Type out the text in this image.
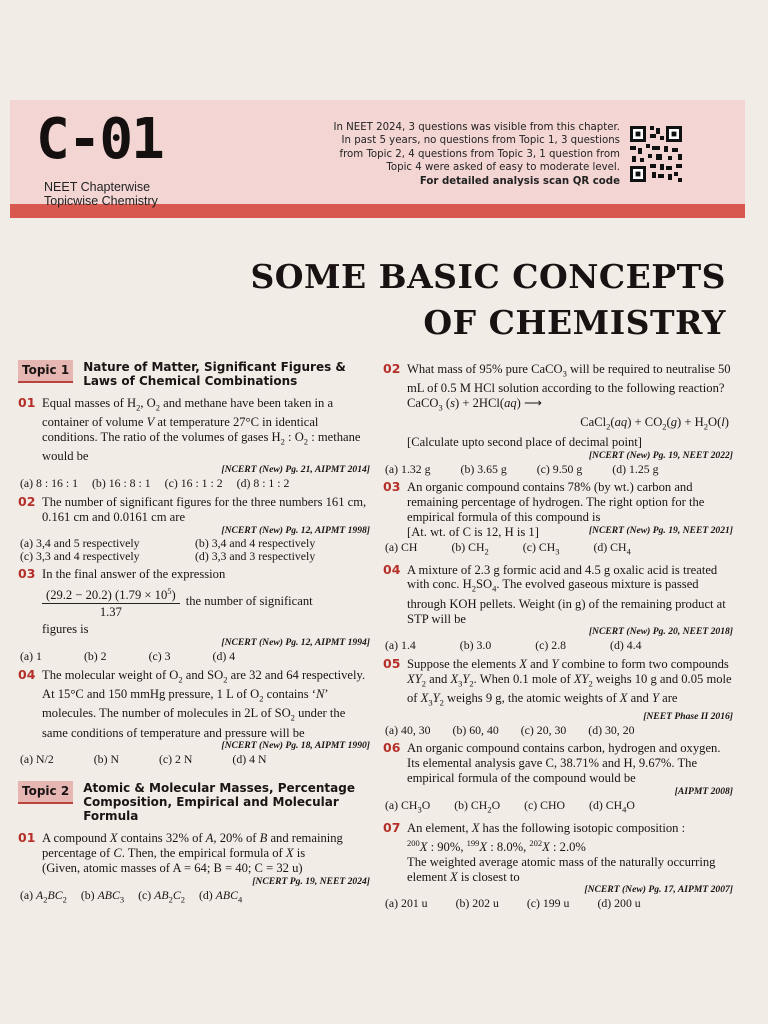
C-01
NEET Chapterwise
Topicwise Chemistry
In NEET 2024, 3 questions was visible from this chapter. In past 5 years, no questions from Topic 1, 3 questions from Topic 2, 4 questions from Topic 3, 1 question from Topic 4 were asked of easy to moderate level.
For detailed analysis scan QR code
SOME BASIC CONCEPTS
OF CHEMISTRY
Topic 1	Nature of Matter, Significant Figures & Laws of Chemical Combinations
01 Equal masses of $H_2$, $O_2$ and methane have been taken in a container of volume V at temperature 27°C in identical conditions. The ratio of the volumes of gases $H_2$ : $O_2$ : methane would be
[NCERT (New) Pg. 21, AIPMT 2014]
(a) 8 : 16 : 1 (b) 16 : 8 : 1 (c) 16 : 1 : 2 (d) 8 : 1 : 2
02 The number of significant figures for the three numbers 161 cm, 0.161 cm and 0.0161 cm are
[NCERT (New) Pg. 12, AIPMT 1998]
(a) 3,4 and 5 respectively	(b) 3,4 and 4 respectively
(c) 3,3 and 4 respectively	(d) 3,3 and 3 respectively
03 In the final answer of the expression
$\frac{(29.2 - 20.2) (1.79 \times 10^5)}{1.37}$ the number of significant
figures is
[NCERT (New) Pg. 12, AIPMT 1994]
(a) 1	(b) 2	(c) 3	(d) 4
04 The molecular weight of $O_2$ and $SO_2$ are 32 and 64 respectively. At 15°C and 150 mmHg pressure, 1 L of $O_2$ contains ‘N’ molecules. The number of molecules in 2L of $SO_2$ under the same conditions of temperature and pressure will be
[NCERT (New) Pg. 18, AIPMT 1990]
(a) N/2	(b) N	(c) 2 N	(d) 4 N
Topic 2	Atomic & Molecular Masses, Percentage Composition, Empirical and Molecular Formula
01 A compound X contains 32% of A, 20% of B and remaining percentage of C. Then, the empirical formula of X is
(Given, atomic masses of A = 64; B = 40; C = 32 u)
[NCERT Pg. 19, NEET 2024]
(a) $A_2BC_2$ (b) $ABC_3$ (c) $AB_2C_2$ (d) $ABC_4$
02 What mass of 95% pure CaCO$_3$ will be required to neutralise 50 mL of 0.5 M HCl solution according to the following reaction?
CaCO$_3$ (s) + 2HCl(aq) ⟶
CaCl$_2$(aq) + $CO_2(g) + H_2O(l)$
[Calculate upto second place of decimal point]
[NCERT (New) Pg. 19, NEET 2022]
(a) 1.32 g	(b) 3.65 g	(c) 9.50 g	(d) 1.25 g
03 An organic compound contains 78% (by wt.) carbon and remaining percentage of hydrogen. The right option for the empirical formula of this compound is
[At. wt. of C is 12, H is 1]	[NCERT (New) Pg. 19, NEET 2021]
(a) CH	(b) $CH_2$	(c) $CH_3$	(d) $CH_4$
04 A mixture of 2.3 g formic acid and 4.5 g oxalic acid is treated with conc. $H_2SO_4$. The evolved gaseous mixture is passed through KOH pellets. Weight (in g) of the remaining product at STP will be
[NCERT (New) Pg. 20, NEET 2018]
(a) 1.4	(b) 3.0	(c) 2.8	(d) 4.4
05 Suppose the elements X and Y combine to form two compounds $XY_2$ and $X_3Y_2$. When 0.1 mole of $XY_2$ weighs 10 g and 0.05 mole of $X_3Y_2$ weighs 9 g, the atomic weights of X and Y are
[NEET Phase II 2016]
(a) 40, 30 (b) 60, 40 (c) 20, 30 (d) 30, 20
06 An organic compound contains carbon, hydrogen and oxygen. Its elemental analysis gave C, 38.71% and H, 9.67%. The empirical formula of the compound would be
[AIPMT 2008]
(a) $CH_3O$ (b) $CH_2O$ (c) CHO (d) $CH_4O$
07 An element, X has the following isotopic composition :
$^{200}$X : 90%, $^{199}$X : 8.0%, $^{202}$X : 2.0%
The weighted average atomic mass of the naturally occurring element X is closest to
[NCERT (New) Pg. 17, AIPMT 2007]
(a) 201 u (b) 202 u (c) 199 u (d) 200 u
